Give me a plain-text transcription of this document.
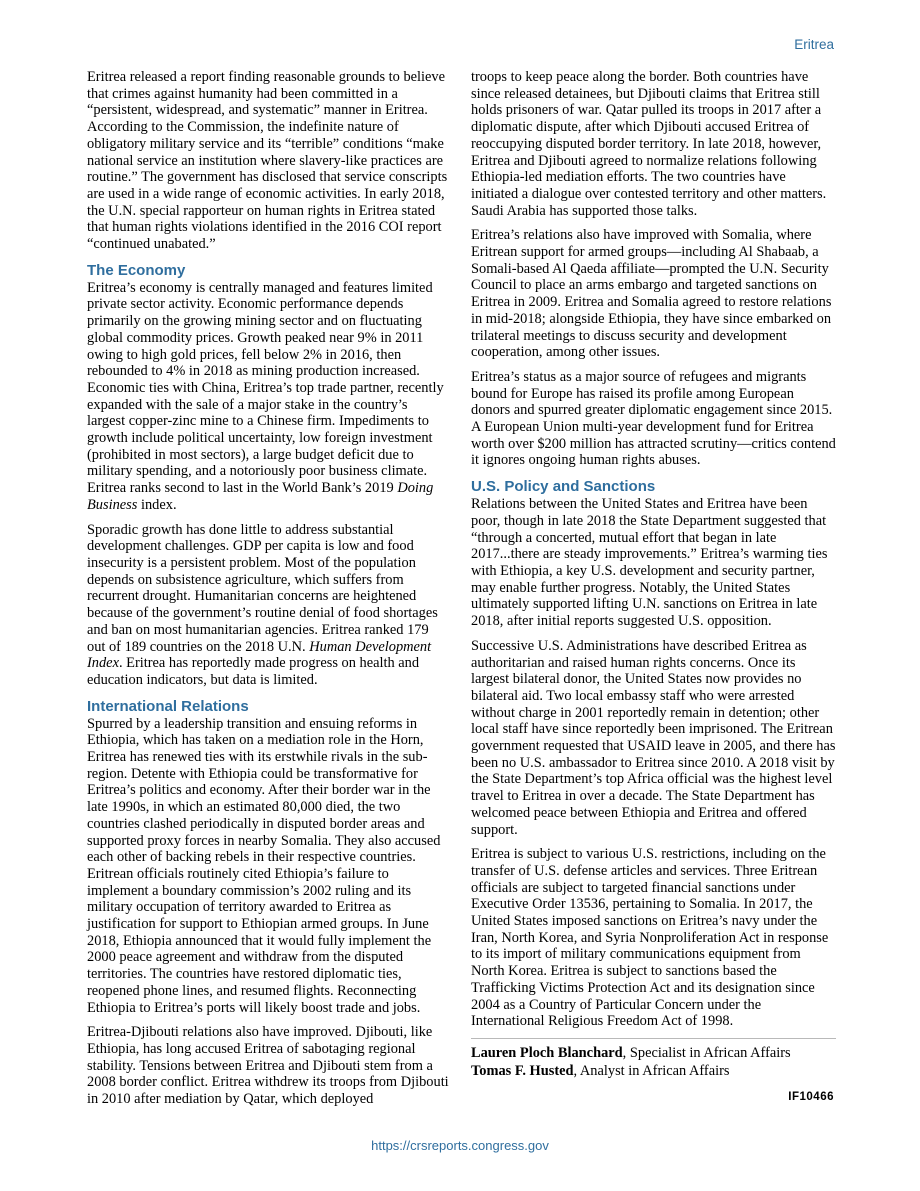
Eritrea

Eritrea released a report finding reasonable grounds to believe that crimes against humanity had been committed in a “persistent, widespread, and systematic” manner in Eritrea. According to the Commission, the indefinite nature of obligatory military service and its “terrible” conditions “make national service an institution where slavery-like practices are routine.” The government has disclosed that service conscripts are used in a wide range of economic activities. In early 2018, the U.N. special rapporteur on human rights in Eritrea stated that human rights violations identified in the 2016 COI report “continued unabated.”

The Economy

Eritrea’s economy is centrally managed and features limited private sector activity. Economic performance depends primarily on the growing mining sector and on fluctuating global commodity prices. Growth peaked near 9% in 2011 owing to high gold prices, fell below 2% in 2016, then rebounded to 4% in 2018 as mining production increased. Economic ties with China, Eritrea’s top trade partner, recently expanded with the sale of a major stake in the country’s largest copper-zinc mine to a Chinese firm. Impediments to growth include political uncertainty, low foreign investment (prohibited in most sectors), a large budget deficit due to military spending, and a notoriously poor business climate. Eritrea ranks second to last in the World Bank’s 2019 Doing Business index.

Sporadic growth has done little to address substantial development challenges. GDP per capita is low and food insecurity is a persistent problem. Most of the population depends on subsistence agriculture, which suffers from recurrent drought. Humanitarian concerns are heightened because of the government’s routine denial of food shortages and ban on most humanitarian agencies. Eritrea ranked 179 out of 189 countries on the 2018 U.N. Human Development Index. Eritrea has reportedly made progress on health and education indicators, but data is limited.

International Relations

Spurred by a leadership transition and ensuing reforms in Ethiopia, which has taken on a mediation role in the Horn, Eritrea has renewed ties with its erstwhile rivals in the sub-region. Detente with Ethiopia could be transformative for Eritrea’s politics and economy. After their border war in the late 1990s, in which an estimated 80,000 died, the two countries clashed periodically in disputed border areas and supported proxy forces in nearby Somalia. They also accused each other of backing rebels in their respective countries. Eritrean officials routinely cited Ethiopia’s failure to implement a boundary commission’s 2002 ruling and its military occupation of territory awarded to Eritrea as justification for support to Ethiopian armed groups. In June 2018, Ethiopia announced that it would fully implement the 2000 peace agreement and withdraw from the disputed territories. The countries have restored diplomatic ties, reopened phone lines, and resumed flights. Reconnecting Ethiopia to Eritrea’s ports will likely boost trade and jobs.

Eritrea-Djibouti relations also have improved. Djibouti, like Ethiopia, has long accused Eritrea of sabotaging regional stability. Tensions between Eritrea and Djibouti stem from a 2008 border conflict. Eritrea withdrew its troops from Djibouti in 2010 after mediation by Qatar, which deployed

troops to keep peace along the border. Both countries have since released detainees, but Djibouti claims that Eritrea still holds prisoners of war. Qatar pulled its troops in 2017 after a diplomatic dispute, after which Djibouti accused Eritrea of reoccupying disputed border territory. In late 2018, however, Eritrea and Djibouti agreed to normalize relations following Ethiopia-led mediation efforts. The two countries have initiated a dialogue over contested territory and other matters. Saudi Arabia has supported those talks.

Eritrea’s relations also have improved with Somalia, where Eritrean support for armed groups—including Al Shabaab, a Somali-based Al Qaeda affiliate—prompted the U.N. Security Council to place an arms embargo and targeted sanctions on Eritrea in 2009. Eritrea and Somalia agreed to restore relations in mid-2018; alongside Ethiopia, they have since embarked on trilateral meetings to discuss security and development cooperation, among other issues.

Eritrea’s status as a major source of refugees and migrants bound for Europe has raised its profile among European donors and spurred greater diplomatic engagement since 2015. A European Union multi-year development fund for Eritrea worth over $200 million has attracted scrutiny—critics contend it ignores ongoing human rights abuses.

U.S. Policy and Sanctions

Relations between the United States and Eritrea have been poor, though in late 2018 the State Department suggested that “through a concerted, mutual effort that began in late 2017...there are steady improvements.” Eritrea’s warming ties with Ethiopia, a key U.S. development and security partner, may enable further progress. Notably, the United States ultimately supported lifting U.N. sanctions on Eritrea in late 2018, after initial reports suggested U.S. opposition.

Successive U.S. Administrations have described Eritrea as authoritarian and raised human rights concerns. Once its largest bilateral donor, the United States now provides no bilateral aid. Two local embassy staff who were arrested without charge in 2001 reportedly remain in detention; other local staff have since reportedly been imprisoned. The Eritrean government requested that USAID leave in 2005, and there has been no U.S. ambassador to Eritrea since 2010. A 2018 visit by the State Department’s top Africa official was the highest level travel to Eritrea in over a decade. The State Department has welcomed peace between Ethiopia and Eritrea and offered support.

Eritrea is subject to various U.S. restrictions, including on the transfer of U.S. defense articles and services. Three Eritrean officials are subject to targeted financial sanctions under Executive Order 13536, pertaining to Somalia. In 2017, the United States imposed sanctions on Eritrea’s navy under the Iran, North Korea, and Syria Nonproliferation Act in response to its import of military communications equipment from North Korea. Eritrea is subject to sanctions based the Trafficking Victims Protection Act and its designation since 2004 as a Country of Particular Concern under the International Religious Freedom Act of 1998.

Lauren Ploch Blanchard, Specialist in African Affairs
Tomas F. Husted, Analyst in African Affairs
IF10466
https://crsreports.congress.gov
